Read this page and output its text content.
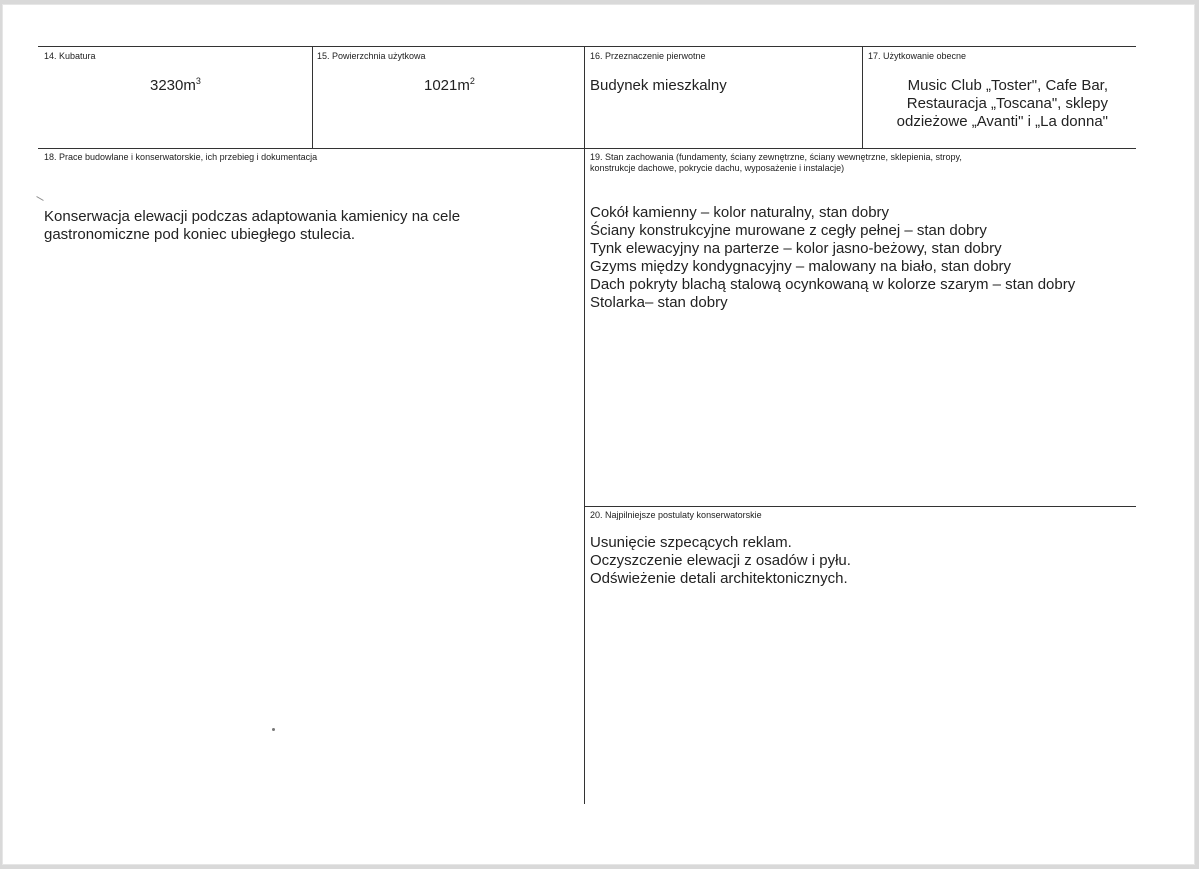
14. Kubatura
$3230m^3$
15. Powierzchnia użytkowa
$1021m^2$
16. Przeznaczenie pierwotne
Budynek mieszkalny
17. Użytkowanie obecne
Music Club „Toster", Cafe Bar,
Restauracja „Toscana", sklepy
odzieżowe „Avanti" i „La donna"
18. Prace budowlane i konserwatorskie, ich przebieg i dokumentacja
Konserwacja elewacji podczas adaptowania kamienicy na cele
gastronomiczne pod koniec ubiegłego stulecia.
19. Stan zachowania (fundamenty, ściany zewnętrzne, ściany wewnętrzne, sklepienia, stropy,
konstrukcje dachowe, pokrycie dachu, wyposażenie i instalacje)
Cokół kamienny – kolor naturalny, stan dobry
Ściany konstrukcyjne murowane z cegły pełnej – stan dobry
Tynk elewacyjny na parterze – kolor jasno-beżowy, stan dobry
Gzyms między kondygnacyjny – malowany na biało, stan dobry
Dach pokryty blachą stalową ocynkowaną w kolorze szarym – stan dobry
Stolarka– stan dobry
20. Najpilniejsze postulaty konserwatorskie
Usunięcie szpecących reklam.
Oczyszczenie elewacji z osadów i pyłu.
Odświeżenie detali architektonicznych.
